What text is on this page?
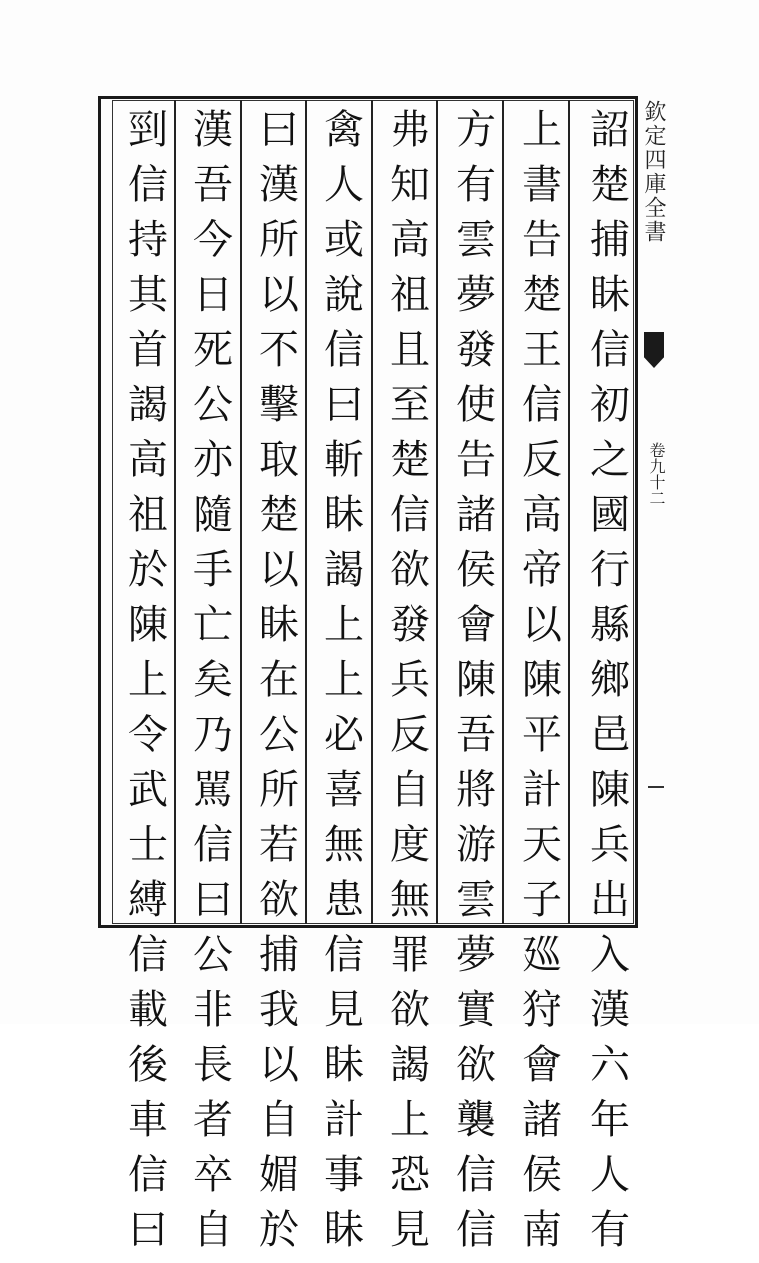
詔楚捕眛信初之國行縣鄉邑陳兵出入漢六年人有
上書告楚王信反高帝以陳平計天子廵狩會諸侯南
方有雲夢發使告諸侯會陳吾將游雲夢實欲襲信信
弗知高祖且至楚信欲發兵反自度無罪欲謁上恐見
禽人或說信曰斬眛謁上上必喜無患信見眛計事眛
曰漢所以不擊取楚以眛在公所若欲捕我以自媚於
漢吾今日死公亦隨手亡矣乃駡信曰公非長者卒自
剄信持其首謁高祖於陳上令武士縛信載後車信曰	欽定四庫全書
卷九十二
